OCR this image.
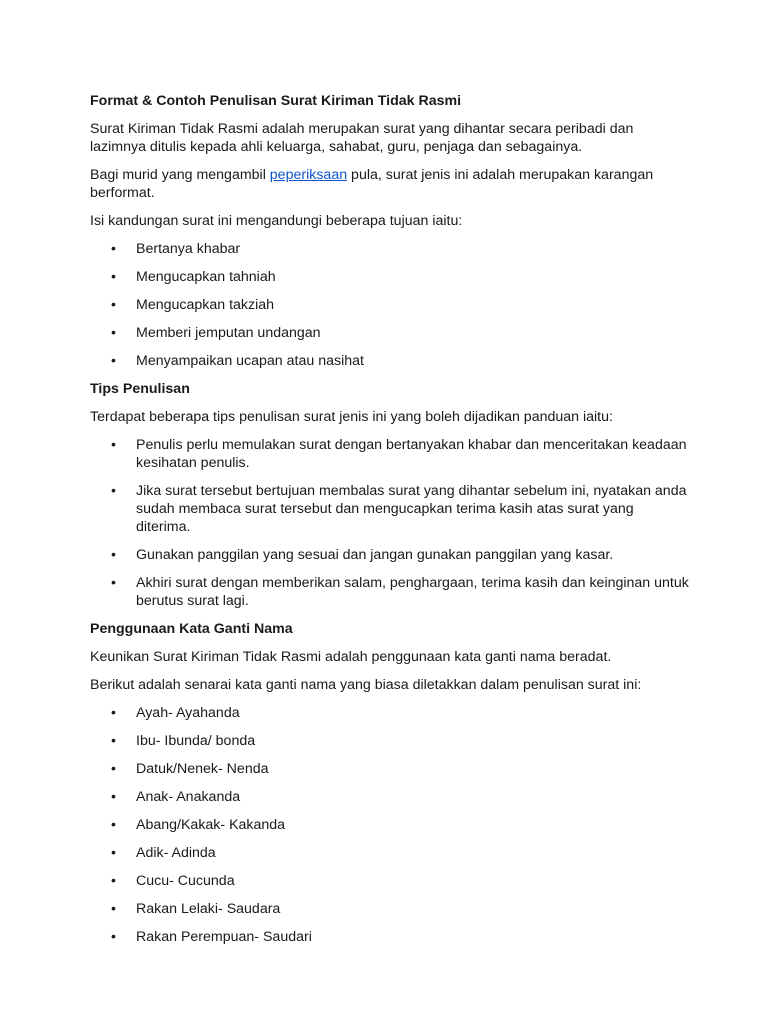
Format & Contoh Penulisan Surat Kiriman Tidak Rasmi

Surat Kiriman Tidak Rasmi adalah merupakan surat yang dihantar secara peribadi dan lazimnya ditulis kepada ahli keluarga, sahabat, guru, penjaga dan sebagainya.

Bagi murid yang mengambil peperiksaan pula, surat jenis ini adalah merupakan karangan berformat.

Isi kandungan surat ini mengandungi beberapa tujuan iaitu:

• Bertanya khabar
• Mengucapkan tahniah
• Mengucapkan takziah
• Memberi jemputan undangan
• Menyampaikan ucapan atau nasihat

Tips Penulisan

Terdapat beberapa tips penulisan surat jenis ini yang boleh dijadikan panduan iaitu:

• Penulis perlu memulakan surat dengan bertanyakan khabar dan menceritakan keadaan kesihatan penulis.
• Jika surat tersebut bertujuan membalas surat yang dihantar sebelum ini, nyatakan anda sudah membaca surat tersebut dan mengucapkan terima kasih atas surat yang diterima.
• Gunakan panggilan yang sesuai dan jangan gunakan panggilan yang kasar.
• Akhiri surat dengan memberikan salam, penghargaan, terima kasih dan keinginan untuk berutus surat lagi.

Penggunaan Kata Ganti Nama

Keunikan Surat Kiriman Tidak Rasmi adalah penggunaan kata ganti nama beradat.

Berikut adalah senarai kata ganti nama yang biasa diletakkan dalam penulisan surat ini:

• Ayah- Ayahanda
• Ibu- Ibunda/ bonda
• Datuk/Nenek- Nenda
• Anak- Anakanda
• Abang/Kakak- Kakanda
• Adik- Adinda
• Cucu- Cucunda
• Rakan Lelaki- Saudara
• Rakan Perempuan- Saudari
